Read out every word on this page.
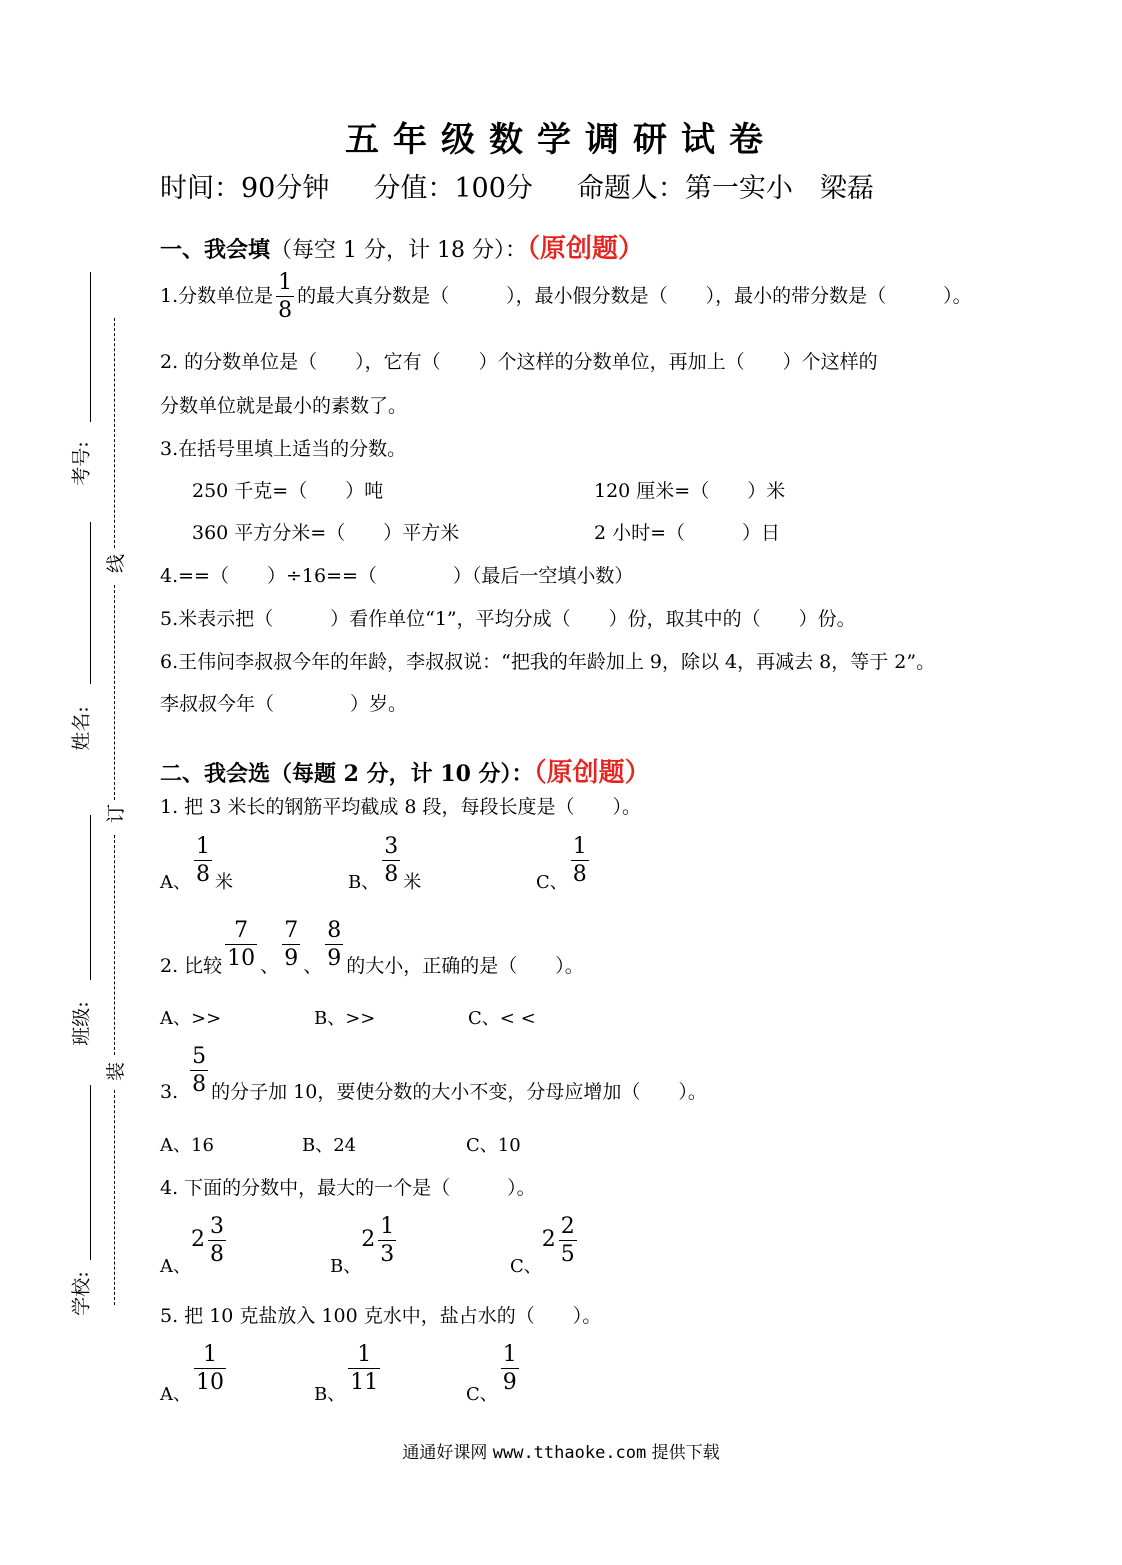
考号:
姓名:
班级:
学校:
线
订
装
五年级数学调研试卷
时间：90分钟 分值：100分 命题人：第一实小　梁磊
一、我会填（每空 1 分，计 18 分）：（原创题）
1.分数单位是 $\frac{1}{8}$ 的最大真分数是（　　　），最小假分数是（　　），最小的带分数是（　　　）。
2. 的分数单位是（　　），它有（　　）个这样的分数单位，再加上（　　）个这样的
分数单位就是最小的素数了。
3.在括号里填上适当的分数。
250 千克=（　　）吨	120 厘米=（　　）米
360 平方分米=（　　）平方米	2 小时=（　　　）日
4.==（　　）÷16==（　　　　）（最后一空填小数）
5.米表示把（　　　）看作单位“1”，平均分成（　　）份，取其中的（　　）份。
6.王伟问李叔叔今年的年龄，李叔叔说：“把我的年龄加上 9，除以 4，再减去 8，等于 2”。
李叔叔今年（　　　　）岁。
二、我会选（每题 2 分，计 10 分）：（原创题）
1. 把 3 米长的钢筋平均截成 8 段，每段长度是（　　）。
A、 $\frac{1}{8}$ 米	B、 $\frac{3}{8}$ 米	C、 $\frac{1}{8}$
2. 比较 $\frac{7}{10}$ 、 $\frac{7}{9}$ 、 $\frac{8}{9}$ 的大小，正确的是（　　）。
A、>>	B、>>	C、< <
3. $\frac{5}{8}$ 的分子加 10，要使分数的大小不变，分母应增加（　　）。
A、16	B、24	C、10
4. 下面的分数中，最大的一个是（　　　）。
A、$2 \frac{3}{8}$
B、$2 \frac{1}{3}$
C、$2 \frac{2}{5}$
5. 把 10 克盐放入 100 克水中，盐占水的（　　）。
A、
$\frac{1}{10}$
B、
$\frac{1}{11}$
C、
$\frac{1}{9}$
通通好课网 www.tthaoke.com 提供下载
